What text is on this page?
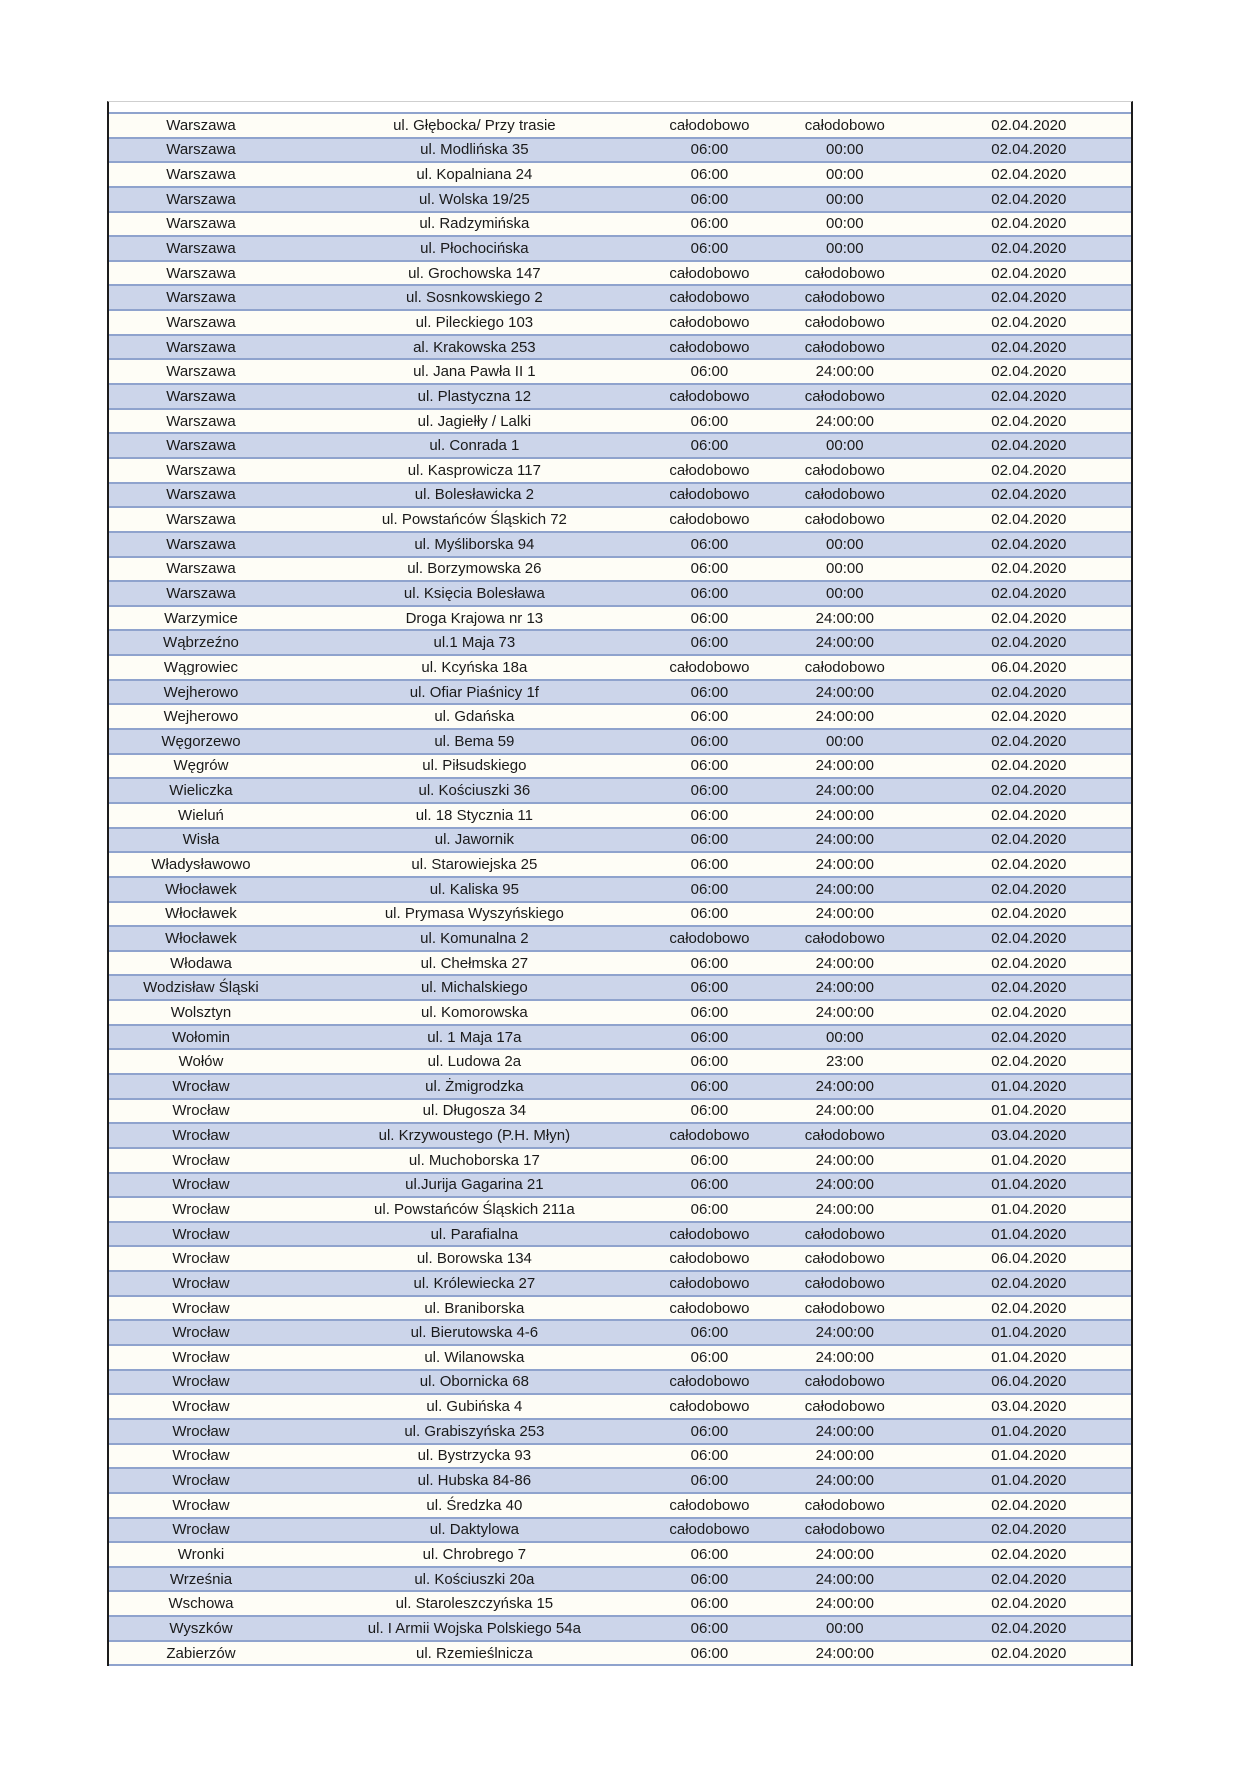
Warszawa	ul. Głębocka/ Przy trasie	całodobowo	całodobowo	02.04.2020
Warszawa	ul. Modlińska 35	06:00	00:00	02.04.2020
Warszawa	ul. Kopalniana 24	06:00	00:00	02.04.2020
Warszawa	ul. Wolska 19/25	06:00	00:00	02.04.2020
Warszawa	ul. Radzymińska	06:00	00:00	02.04.2020
Warszawa	ul. Płochocińska	06:00	00:00	02.04.2020
Warszawa	ul. Grochowska 147	całodobowo	całodobowo	02.04.2020
Warszawa	ul. Sosnkowskiego 2	całodobowo	całodobowo	02.04.2020
Warszawa	ul. Pileckiego 103	całodobowo	całodobowo	02.04.2020
Warszawa	al. Krakowska 253	całodobowo	całodobowo	02.04.2020
Warszawa	ul. Jana Pawła II 1	06:00	24:00:00	02.04.2020
Warszawa	ul. Plastyczna 12	całodobowo	całodobowo	02.04.2020
Warszawa	ul. Jagiełły / Lalki	06:00	24:00:00	02.04.2020
Warszawa	ul. Conrada 1	06:00	00:00	02.04.2020
Warszawa	ul. Kasprowicza 117	całodobowo	całodobowo	02.04.2020
Warszawa	ul. Bolesławicka 2	całodobowo	całodobowo	02.04.2020
Warszawa	ul. Powstańców Śląskich 72	całodobowo	całodobowo	02.04.2020
Warszawa	ul. Myśliborska 94	06:00	00:00	02.04.2020
Warszawa	ul. Borzymowska 26	06:00	00:00	02.04.2020
Warszawa	ul. Księcia Bolesława	06:00	00:00	02.04.2020
Warzymice	Droga Krajowa nr 13	06:00	24:00:00	02.04.2020
Wąbrzeźno	ul.1 Maja 73	06:00	24:00:00	02.04.2020
Wągrowiec	ul. Kcyńska 18a	całodobowo	całodobowo	06.04.2020
Wejherowo	ul. Ofiar Piaśnicy 1f	06:00	24:00:00	02.04.2020
Wejherowo	ul. Gdańska	06:00	24:00:00	02.04.2020
Węgorzewo	ul. Bema 59	06:00	00:00	02.04.2020
Węgrów	ul. Piłsudskiego	06:00	24:00:00	02.04.2020
Wieliczka	ul. Kościuszki 36	06:00	24:00:00	02.04.2020
Wieluń	ul. 18 Stycznia 11	06:00	24:00:00	02.04.2020
Wisła	ul. Jawornik	06:00	24:00:00	02.04.2020
Władysławowo	ul. Starowiejska 25	06:00	24:00:00	02.04.2020
Włocławek	ul. Kaliska 95	06:00	24:00:00	02.04.2020
Włocławek	ul. Prymasa Wyszyńskiego	06:00	24:00:00	02.04.2020
Włocławek	ul. Komunalna 2	całodobowo	całodobowo	02.04.2020
Włodawa	ul. Chełmska 27	06:00	24:00:00	02.04.2020
Wodzisław Śląski	ul. Michalskiego	06:00	24:00:00	02.04.2020
Wolsztyn	ul. Komorowska	06:00	24:00:00	02.04.2020
Wołomin	ul. 1 Maja 17a	06:00	00:00	02.04.2020
Wołów	ul. Ludowa 2a	06:00	23:00	02.04.2020
Wrocław	ul. Żmigrodzka	06:00	24:00:00	01.04.2020
Wrocław	ul. Długosza 34	06:00	24:00:00	01.04.2020
Wrocław	ul. Krzywoustego (P.H. Młyn)	całodobowo	całodobowo	03.04.2020
Wrocław	ul. Muchoborska 17	06:00	24:00:00	01.04.2020
Wrocław	ul.Jurija Gagarina 21	06:00	24:00:00	01.04.2020
Wrocław	ul. Powstańców Śląskich 211a	06:00	24:00:00	01.04.2020
Wrocław	ul. Parafialna	całodobowo	całodobowo	01.04.2020
Wrocław	ul. Borowska 134	całodobowo	całodobowo	06.04.2020
Wrocław	ul. Królewiecka 27	całodobowo	całodobowo	02.04.2020
Wrocław	ul. Braniborska	całodobowo	całodobowo	02.04.2020
Wrocław	ul. Bierutowska 4-6	06:00	24:00:00	01.04.2020
Wrocław	ul. Wilanowska	06:00	24:00:00	01.04.2020
Wrocław	ul. Obornicka 68	całodobowo	całodobowo	06.04.2020
Wrocław	ul. Gubińska 4	całodobowo	całodobowo	03.04.2020
Wrocław	ul. Grabiszyńska 253	06:00	24:00:00	01.04.2020
Wrocław	ul. Bystrzycka 93	06:00	24:00:00	01.04.2020
Wrocław	ul. Hubska 84-86	06:00	24:00:00	01.04.2020
Wrocław	ul. Średzka 40	całodobowo	całodobowo	02.04.2020
Wrocław	ul. Daktylowa	całodobowo	całodobowo	02.04.2020
Wronki	ul. Chrobrego 7	06:00	24:00:00	02.04.2020
Września	ul. Kościuszki 20a	06:00	24:00:00	02.04.2020
Wschowa	ul. Staroleszczyńska 15	06:00	24:00:00	02.04.2020
Wyszków	ul. I Armii Wojska Polskiego 54a	06:00	00:00	02.04.2020
Zabierzów	ul. Rzemieślnicza	06:00	24:00:00	02.04.2020
